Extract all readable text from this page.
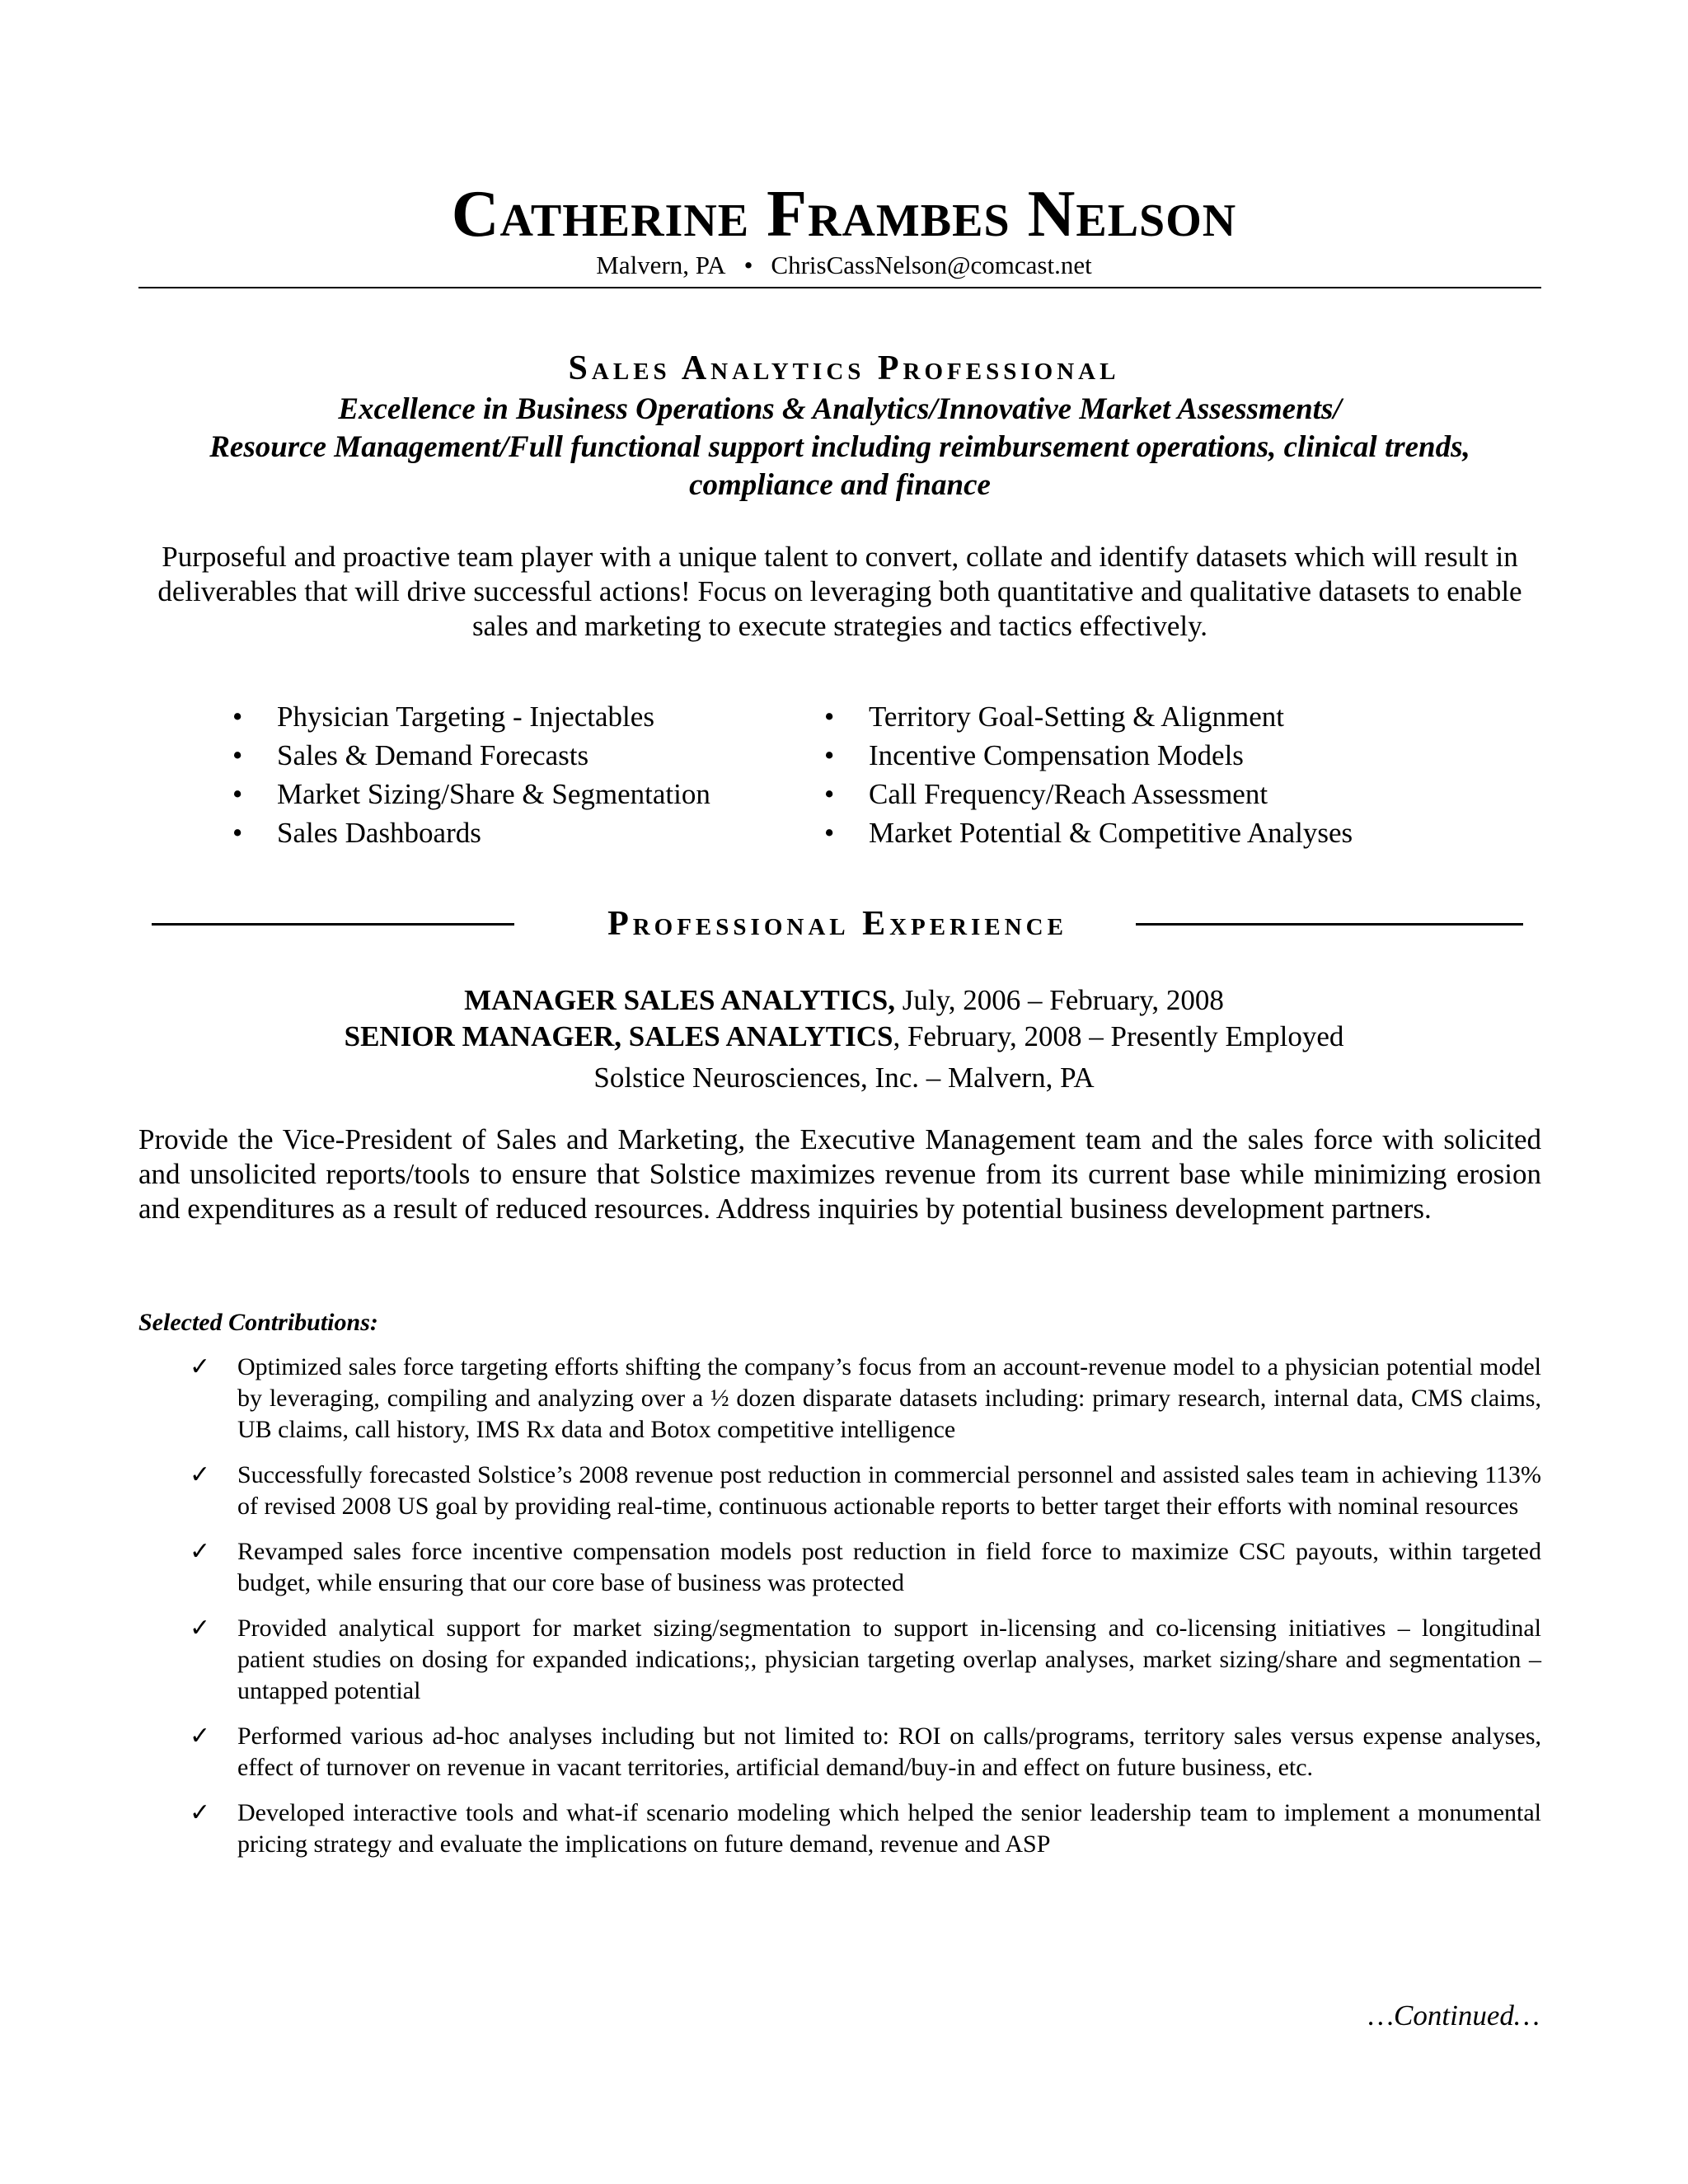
Catherine Frambes Nelson
Malvern, PA • ChrisCassNelson@comcast.net
Sales Analytics Professional
Excellence in Business Operations & Analytics/Innovative Market Assessments/
Resource Management/Full functional support including reimbursement operations, clinical trends,
compliance and finance
Purposeful and proactive team player with a unique talent to convert, collate and identify datasets which will result in deliverables that will drive successful actions! Focus on leveraging both quantitative and qualitative datasets to enable sales and marketing to execute strategies and tactics effectively.
• Physician Targeting - Injectables
• Sales & Demand Forecasts
• Market Sizing/Share & Segmentation
• Sales Dashboards
• Territory Goal-Setting & Alignment
• Incentive Compensation Models
• Call Frequency/Reach Assessment
• Market Potential & Competitive Analyses
Professional Experience
MANAGER SALES ANALYTICS, July, 2006 – February, 2008
SENIOR MANAGER, SALES ANALYTICS, February, 2008 – Presently Employed
Solstice Neurosciences, Inc. – Malvern, PA
Provide the Vice-President of Sales and Marketing, the Executive Management team and the sales force with solicited and unsolicited reports/tools to ensure that Solstice maximizes revenue from its current base while minimizing erosion and expenditures as a result of reduced resources. Address inquiries by potential business development partners.
Selected Contributions:
✓ Optimized sales force targeting efforts shifting the company’s focus from an account-revenue model to a physician potential model by leveraging, compiling and analyzing over a ½ dozen disparate datasets including: primary research, internal data, CMS claims, UB claims, call history, IMS Rx data and Botox competitive intelligence
✓ Successfully forecasted Solstice’s 2008 revenue post reduction in commercial personnel and assisted sales team in achieving 113% of revised 2008 US goal by providing real-time, continuous actionable reports to better target their efforts with nominal resources
✓ Revamped sales force incentive compensation models post reduction in field force to maximize CSC payouts, within targeted budget, while ensuring that our core base of business was protected
✓ Provided analytical support for market sizing/segmentation to support in-licensing and co-licensing initiatives – longitudinal patient studies on dosing for expanded indications;, physician targeting overlap analyses, market sizing/share and segmentation – untapped potential
✓ Performed various ad-hoc analyses including but not limited to: ROI on calls/programs, territory sales versus expense analyses, effect of turnover on revenue in vacant territories, artificial demand/buy-in and effect on future business, etc.
✓ Developed interactive tools and what-if scenario modeling which helped the senior leadership team to implement a monumental pricing strategy and evaluate the implications on future demand, revenue and ASP
…Continued…
